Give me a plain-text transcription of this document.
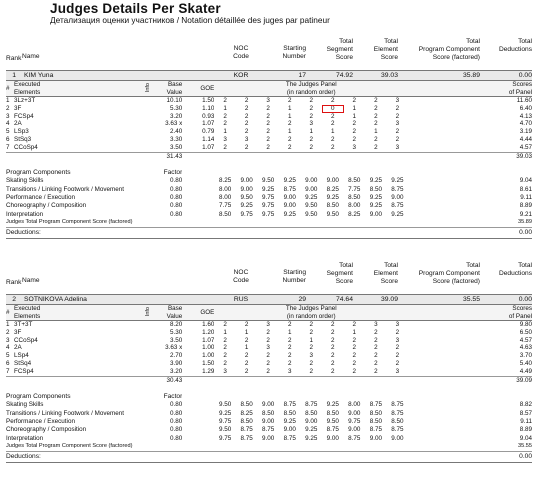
Judges Details Per Skater
Детализация оценки участников / Notation détaillée des juges par patineur
Rank Name
NOC
Code
Starting
Number
Total
Segment
Score
Total
Element
Score
Total
Program Component
Score (factored)
Total
Deductions
1 KIM Yuna	KOR	17	74.92	39.03	35.89	0.00
#	Executed
Elements	Info	Base
Value	GOE	The Judges Panel
(in random order)									Scores
of Panel
1	3Lz+3T		10.10	1.50	2	2	3	2	2	2	2	2	3	11.60
2	3F		5.30	1.10	1	2	2	1	2	0	1	2	2	6.40
3	FCSp4		3.20	0.93	2	2	2	1	2	2	1	2	2	4.13
4	2A		3.63 x	1.07	2	2	2	2	3	2	2	2	3	4.70
5	LSp3		2.40	0.79	1	2	2	1	1	1	2	1	2	3.19
6	StSq3		3.30	1.14	3	3	2	2	2	2	2	2	2	4.44
7	CCoSp4		3.50	1.07	2	2	2	2	2	2	3	2	3	4.57
			31.43											39.03

Program Components			Factor											
Skating Skills			0.80		8.25	9.00	9.50	9.25	9.00	9.00	8.50	9.25	9.25	9.04
Transitions / Linking Footwork / Movement			0.80		8.00	9.00	9.25	8.75	9.00	8.25	7.75	8.50	8.75	8.61
Performance / Execution			0.80		8.00	9.50	9.75	9.00	9.25	9.25	8.50	9.25	9.00	9.11
Choreography / Composition			0.80		7.75	9.25	9.75	9.00	9.50	8.50	8.00	9.25	8.75	8.89
Interpretation			0.80		8.50	9.75	9.75	9.25	9.50	9.50	8.25	9.00	9.25	9.21
Judges Total Program Component Score (factored)														35.89
Deductions:														0.00
Rank Name
NOC
Code
Starting
Number
Total
Segment
Score
Total
Element
Score
Total
Program Component
Score (factored)
Total
Deductions
2 SOTNIKOVA Adelina	RUS	29	74.64	39.09	35.55	0.00
#	Executed
Elements	Info	Base
Value	GOE	The Judges Panel
(in random order)									Scores
of Panel
1	3T+3T		8.20	1.60	2	2	3	2	2	2	2	3	3	9.80
2	3F		5.30	1.20	1	1	2	1	2	2	1	2	2	6.50
3	CCoSp4		3.50	1.07	2	2	2	2	1	2	2	2	3	4.57
4	2A		3.63 x	1.00	2	1	3	2	2	2	2	2	2	4.63
5	LSp4		2.70	1.00	2	2	2	2	3	2	2	2	2	3.70
6	StSq4		3.90	1.50	2	2	2	2	2	2	2	2	2	5.40
7	FCSp4		3.20	1.29	3	2	2	3	2	2	2	2	3	4.49
			30.43											39.09

Program Components			Factor											
Skating Skills			0.80		9.50	8.50	9.00	8.75	8.75	9.25	8.00	8.75	8.75	8.82
Transitions / Linking Footwork / Movement			0.80		9.25	8.25	8.50	8.50	8.50	8.50	9.00	8.50	8.75	8.57
Performance / Execution			0.80		9.75	8.50	9.00	9.25	9.00	9.50	9.75	8.50	8.50	9.11
Choreography / Composition			0.80		9.50	8.75	8.75	9.00	9.25	8.75	9.00	8.75	8.75	8.89
Interpretation			0.80		9.75	8.75	9.00	8.75	9.25	9.00	8.75	9.00	9.00	9.04
Judges Total Program Component Score (factored)														35.55
Deductions:														0.00
